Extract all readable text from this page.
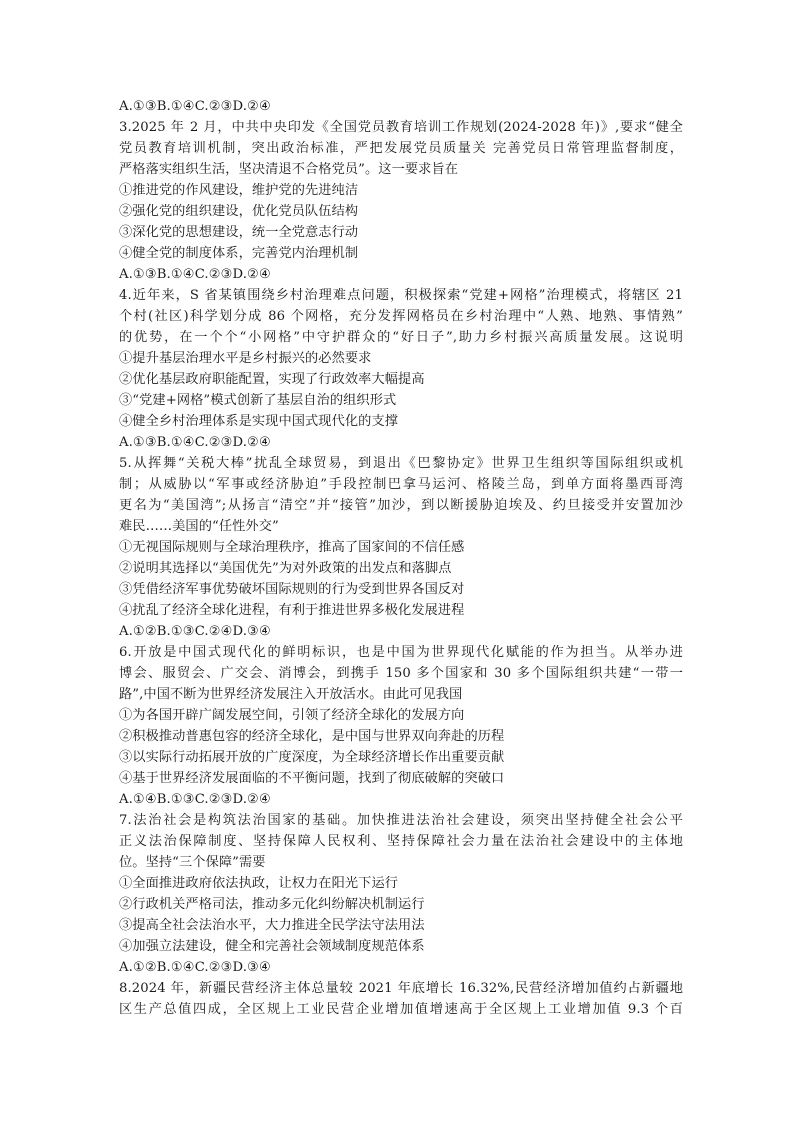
A.①③B.①④C.②③D.②④
3.2025 年 2 月，中共中央印发《全国党员教育培训工作规划(2024-2028 年)》,要求“健全
党员教育培训机制，突出政治标准，严把发展党员质量关 完善党员日常管理监督制度，
严格落实组织生活，坚决清退不合格党员”。这一要求旨在
①推进党的作风建设，维护党的先进纯洁
②强化党的组织建设，优化党员队伍结构
③深化党的思想建设，统一全党意志行动
④健全党的制度体系，完善党内治理机制
A.①③B.①④C.②③D.②④
4.近年来，S 省某镇围绕乡村治理难点问题，积极探索“党建+网格”治理模式，将辖区 21
个村(社区)科学划分成 86 个网格，充分发挥网格员在乡村治理中“人熟、地熟、事情熟”
的优势，在一个个“小网格”中守护群众的“好日子”,助力乡村振兴高质量发展。这说明
①提升基层治理水平是乡村振兴的必然要求
②优化基层政府职能配置，实现了行政效率大幅提高
③“党建+网格”模式创新了基层自治的组织形式
④健全乡村治理体系是实现中国式现代化的支撑
A.①③B.①④C.②③D.②④
5.从挥舞“关税大棒”扰乱全球贸易，到退出《巴黎协定》世界卫生组织等国际组织或机
制；从威胁以“军事或经济胁迫”手段控制巴拿马运河、格陵兰岛，到单方面将墨西哥湾
更名为“美国湾”;从扬言“清空”并“接管”加沙，到以断援胁迫埃及、约旦接受并安置加沙
难民……美国的“任性外交”
①无视国际规则与全球治理秩序，推高了国家间的不信任感
②说明其选择以“美国优先”为对外政策的出发点和落脚点
③凭借经济军事优势破坏国际规则的行为受到世界各国反对
④扰乱了经济全球化进程，有利于推进世界多极化发展进程
A.①②B.①③C.②④D.③④
6.开放是中国式现代化的鲜明标识，也是中国为世界现代化赋能的作为担当。从举办进
博会、服贸会、广交会、消博会，到携手 150 多个国家和 30 多个国际组织共建“一带一
路”,中国不断为世界经济发展注入开放活水。由此可见我国
①为各国开辟广阔发展空间，引领了经济全球化的发展方向
②积极推动普惠包容的经济全球化，是中国与世界双向奔赴的历程
③以实际行动拓展开放的广度深度，为全球经济增长作出重要贡献
④基于世界经济发展面临的不平衡问题，找到了彻底破解的突破口
A.①④B.①③C.②③D.②④
7.法治社会是构筑法治国家的基础。加快推进法治社会建设，须突出坚持健全社会公平
正义法治保障制度、坚持保障人民权利、坚持保障社会力量在法治社会建设中的主体地
位。坚持“三个保障”需要
①全面推进政府依法执政，让权力在阳光下运行
②行政机关严格司法，推动多元化纠纷解决机制运行
③提高全社会法治水平，大力推进全民学法守法用法
④加强立法建设，健全和完善社会领域制度规范体系
A.①②B.①④C.②③D.③④
8.2024 年，新疆民营经济主体总量较 2021 年底增长 16.32%,民营经济增加值约占新疆地
区生产总值四成，全区规上工业民营企业增加值增速高于全区规上工业增加值 9.3 个百
